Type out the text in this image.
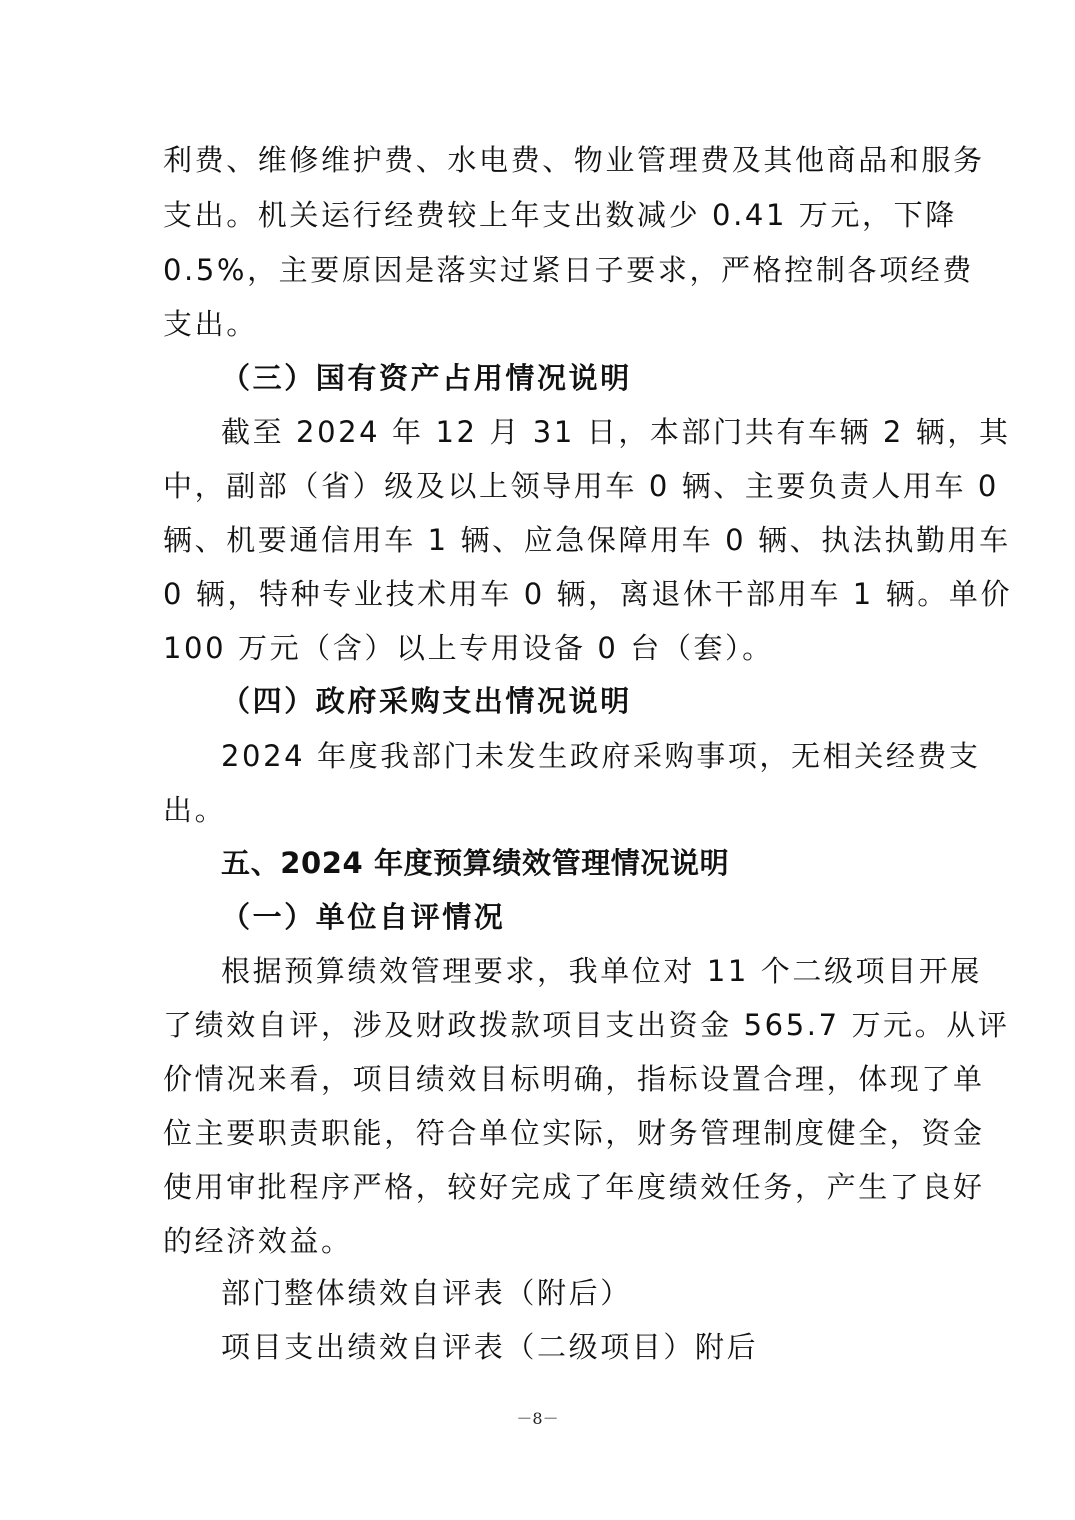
利费、维修维护费、水电费、物业管理费及其他商品和服务

支出。机关运行经费较上年支出数减少 0.41 万元，下降

0.5%，主要原因是落实过紧日子要求，严格控制各项经费

支出。

（三）国有资产占用情况说明

截至 2024 年 12 月 31 日，本部门共有车辆 2 辆，其

中，副部（省）级及以上领导用车 0 辆、主要负责人用车 0

辆、机要通信用车 1 辆、应急保障用车 0 辆、执法执勤用车

0 辆，特种专业技术用车 0 辆，离退休干部用车 1 辆。单价

100 万元（含）以上专用设备 0 台（套）。

（四）政府采购支出情况说明

2024 年度我部门未发生政府采购事项，无相关经费支

出。

五、2024 年度预算绩效管理情况说明

（一）单位自评情况

根据预算绩效管理要求，我单位对 11 个二级项目开展

了绩效自评，涉及财政拨款项目支出资金 565.7 万元。从评

价情况来看，项目绩效目标明确，指标设置合理，体现了单

位主要职责职能，符合单位实际，财务管理制度健全，资金

使用审批程序严格，较好完成了年度绩效任务，产生了良好

的经济效益。

部门整体绩效自评表（附后）

项目支出绩效自评表（二级项目）附后

－8－
